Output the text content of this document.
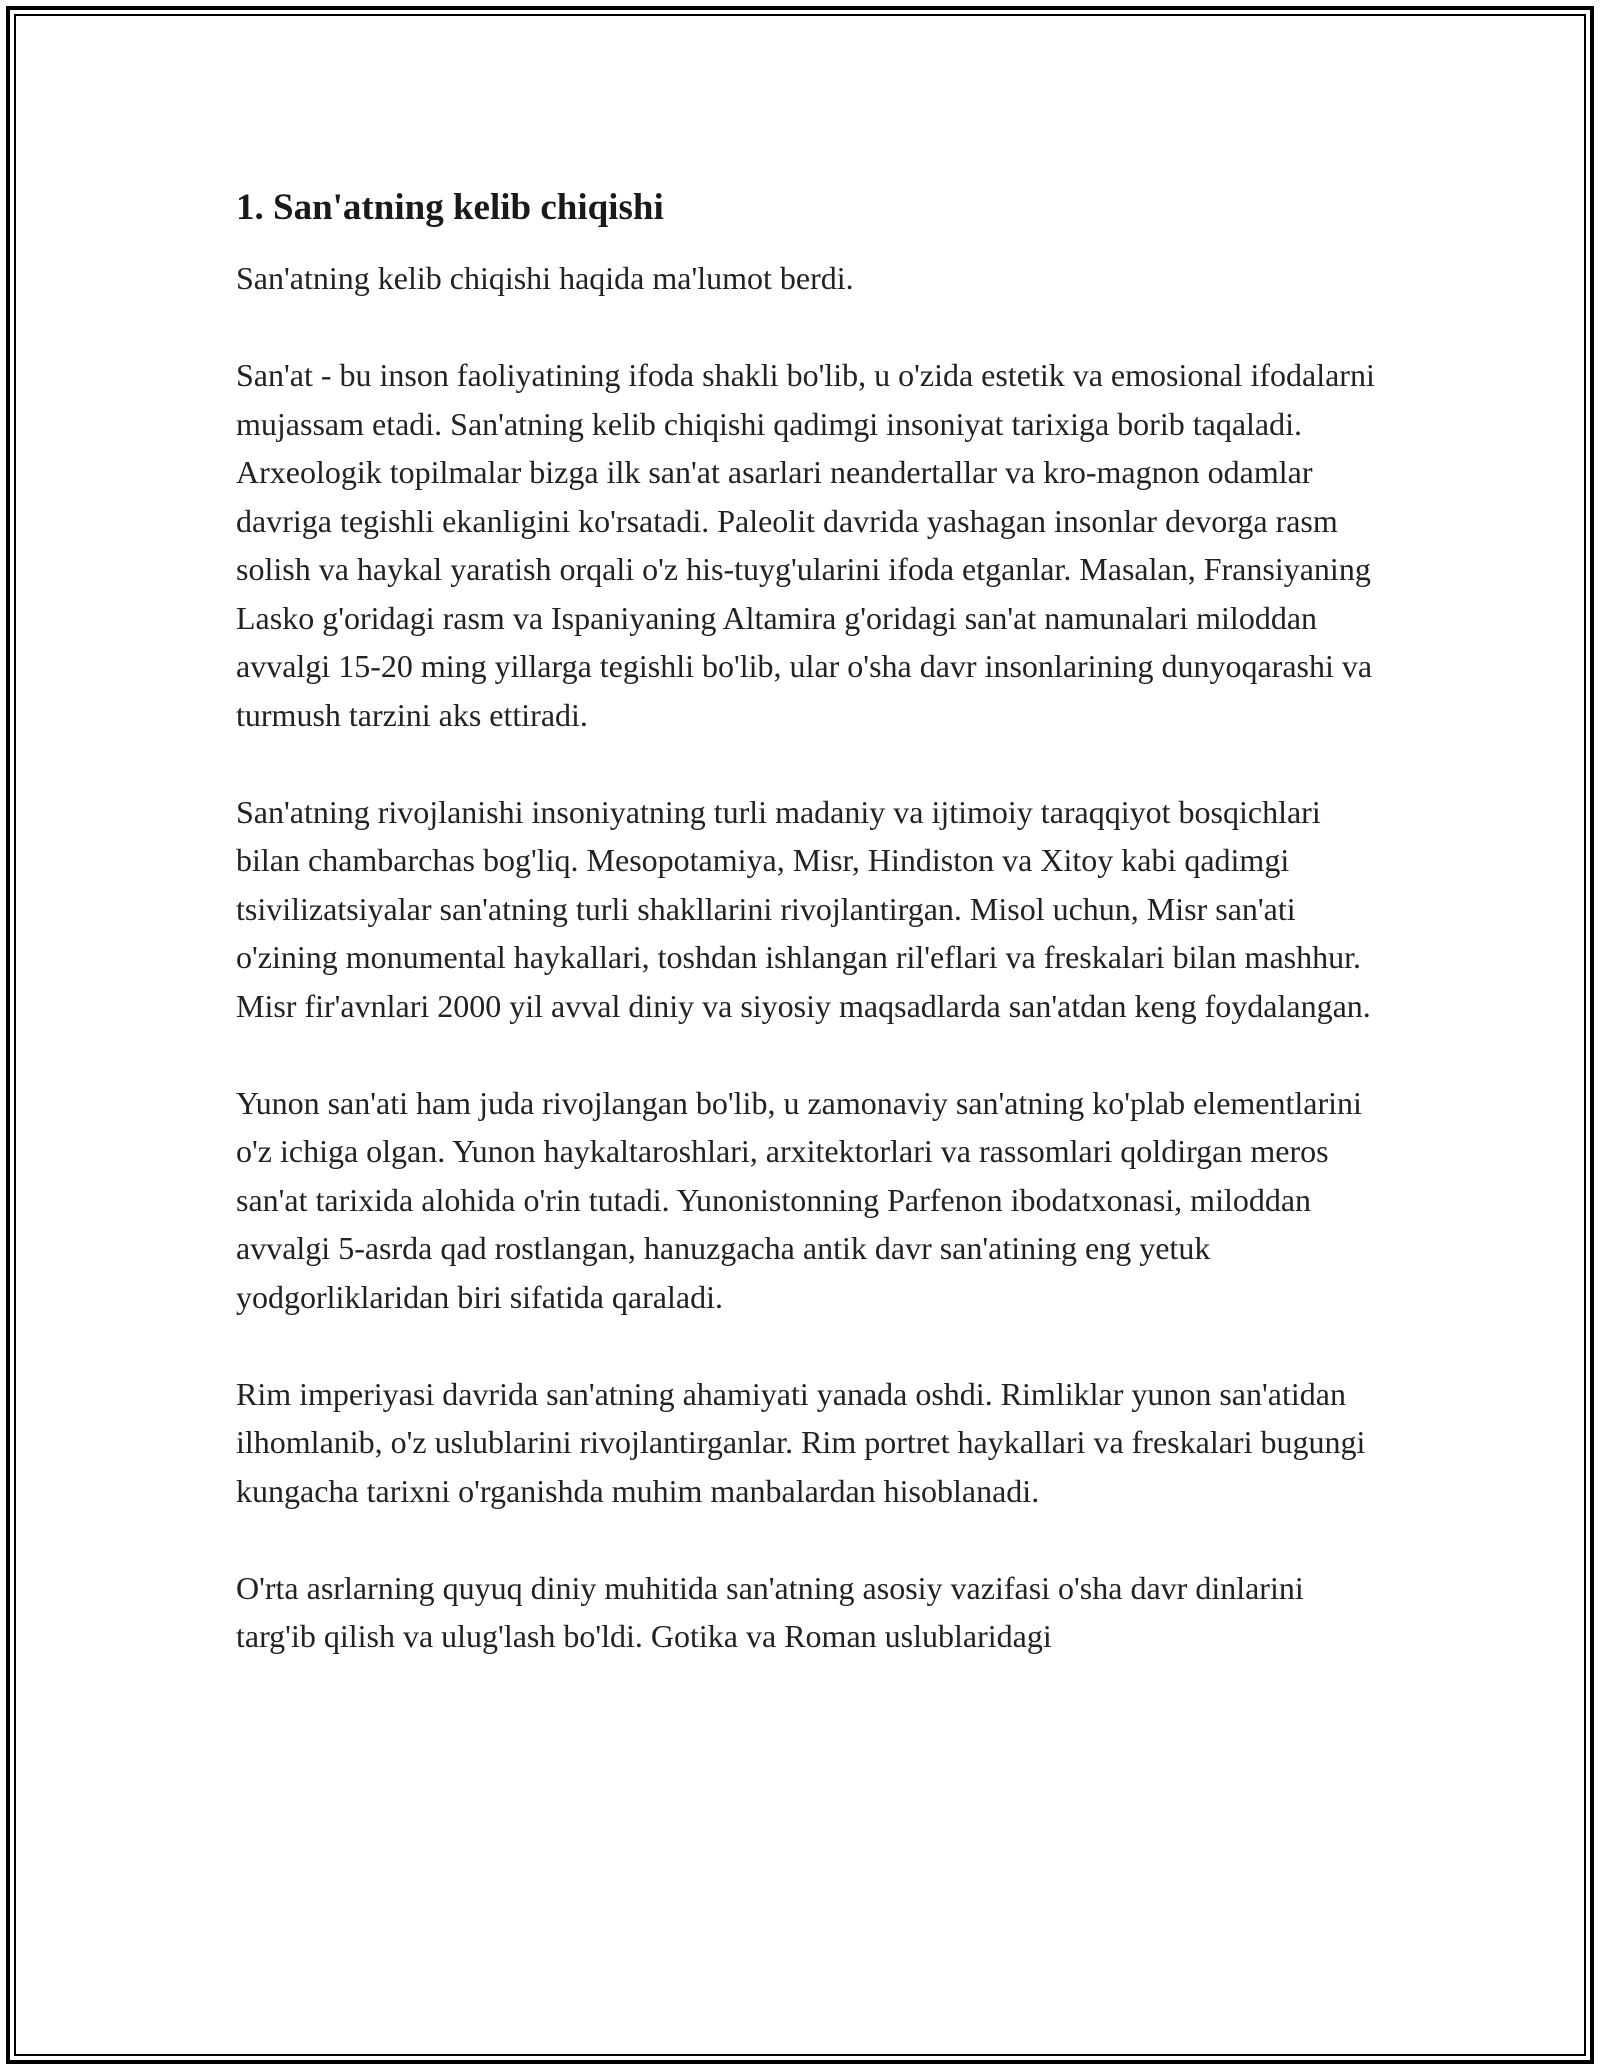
1. San'atning kelib chiqishi

San'atning kelib chiqishi haqida ma'lumot berdi.

San'at - bu inson faoliyatining ifoda shakli bo'lib, u o'zida estetik va emosional ifodalarni mujassam etadi. San'atning kelib chiqishi qadimgi insoniyat tarixiga borib taqaladi. Arxeologik topilmalar bizga ilk san'at asarlari neandertallar va kro-magnon odamlar davriga tegishli ekanligini ko'rsatadi. Paleolit davrida yashagan insonlar devorga rasm solish va haykal yaratish orqali o'z his-tuyg'ularini ifoda etganlar. Masalan, Fransiyaning Lasko g'oridagi rasm va Ispaniyaning Altamira g'oridagi san'at namunalari miloddan avvalgi 15-20 ming yillarga tegishli bo'lib, ular o'sha davr insonlarining dunyoqarashi va turmush tarzini aks ettiradi.

San'atning rivojlanishi insoniyatning turli madaniy va ijtimoiy taraqqiyot bosqichlari bilan chambarchas bog'liq. Mesopotamiya, Misr, Hindiston va Xitoy kabi qadimgi tsivilizatsiyalar san'atning turli shakllarini rivojlantirgan. Misol uchun, Misr san'ati o'zining monumental haykallari, toshdan ishlangan ril'eflari va freskalari bilan mashhur. Misr fir'avnlari 2000 yil avval diniy va siyosiy maqsadlarda san'atdan keng foydalangan.

Yunon san'ati ham juda rivojlangan bo'lib, u zamonaviy san'atning ko'plab elementlarini o'z ichiga olgan. Yunon haykaltaroshlari, arxitektorlari va rassomlari qoldirgan meros san'at tarixida alohida o'rin tutadi. Yunonistonning Parfenon ibodatxonasi, miloddan avvalgi 5-asrda qad rostlangan, hanuzgacha antik davr san'atining eng yetuk yodgorliklaridan biri sifatida qaraladi.

Rim imperiyasi davrida san'atning ahamiyati yanada oshdi. Rimliklar yunon san'atidan ilhomlanib, o'z uslublarini rivojlantirganlar. Rim portret haykallari va freskalari bugungi kungacha tarixni o'rganishda muhim manbalardan hisoblanadi.

O'rta asrlarning quyuq diniy muhitida san'atning asosiy vazifasi o'sha davr dinlarini targ'ib qilish va ulug'lash bo'ldi. Gotika va Roman uslublaridagi
